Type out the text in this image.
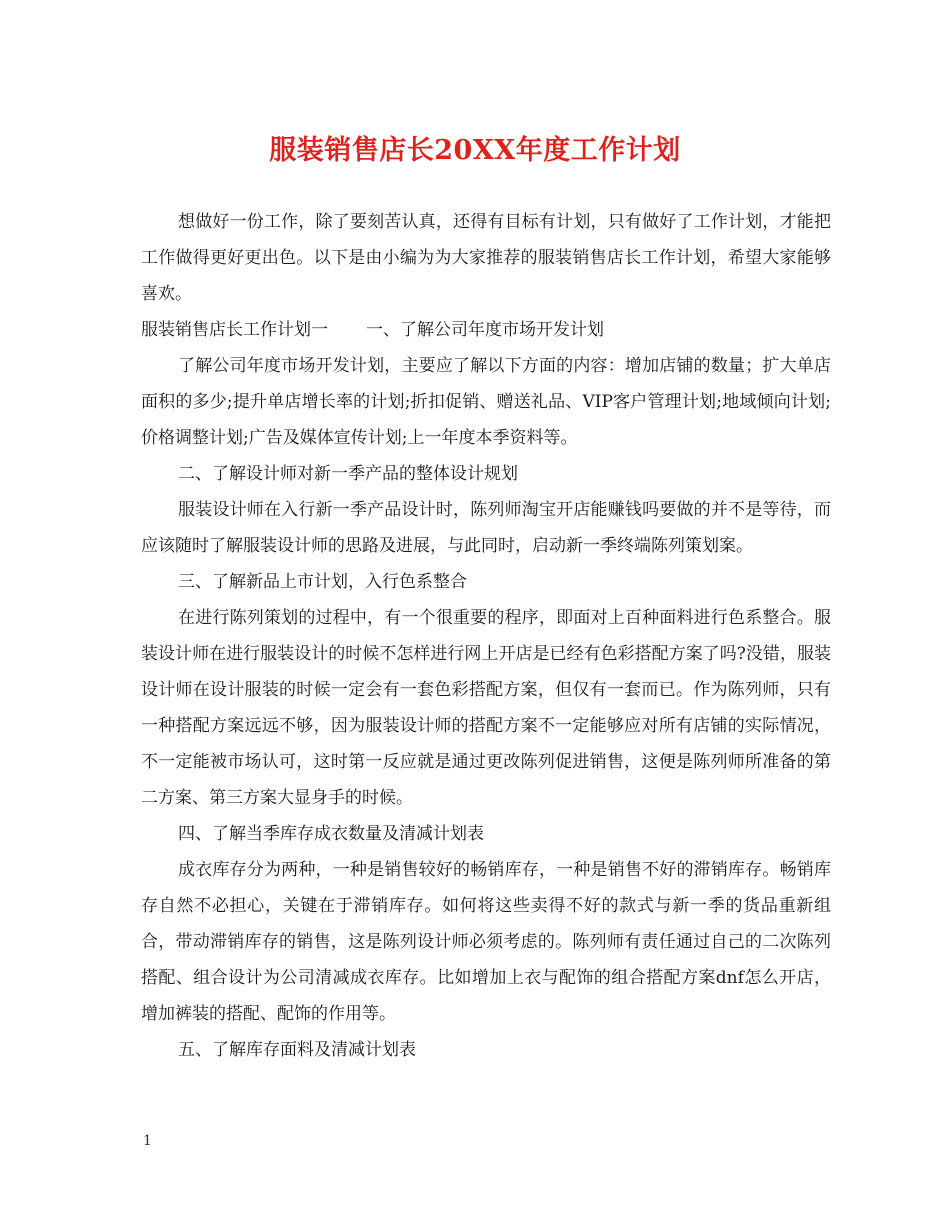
服装销售店长20XX年度工作计划

想做好一份工作，除了要刻苦认真，还得有目标有计划，只有做好了工作计划，才能把工作做得更好更出色。以下是由小编为为大家推荐的服装销售店长工作计划，希望大家能够喜欢。

服装销售店长工作计划一 一、了解公司年度市场开发计划

了解公司年度市场开发计划，主要应了解以下方面的内容：增加店铺的数量；扩大单店面积的多少;提升单店增长率的计划;折扣促销、赠送礼品、VIP客户管理计划;地域倾向计划;价格调整计划;广告及媒体宣传计划;上一年度本季资料等。

二、了解设计师对新一季产品的整体设计规划

服装设计师在入行新一季产品设计时，陈列师淘宝开店能赚钱吗要做的并不是等待，而应该随时了解服装设计师的思路及进展，与此同时，启动新一季终端陈列策划案。

三、了解新品上市计划，入行色系整合

在进行陈列策划的过程中，有一个很重要的程序，即面对上百种面料进行色系整合。服装设计师在进行服装设计的时候不怎样进行网上开店是已经有色彩搭配方案了吗?没错，服装设计师在设计服装的时候一定会有一套色彩搭配方案，但仅有一套而已。作为陈列师，只有一种搭配方案远远不够，因为服装设计师的搭配方案不一定能够应对所有店铺的实际情况，不一定能被市场认可，这时第一反应就是通过更改陈列促进销售，这便是陈列师所准备的第二方案、第三方案大显身手的时候。

四、了解当季库存成衣数量及清减计划表

成衣库存分为两种，一种是销售较好的畅销库存，一种是销售不好的滞销库存。畅销库存自然不必担心，关键在于滞销库存。如何将这些卖得不好的款式与新一季的货品重新组合，带动滞销库存的销售，这是陈列设计师必须考虑的。陈列师有责任通过自己的二次陈列搭配、组合设计为公司清减成衣库存。比如增加上衣与配饰的组合搭配方案dnf怎么开店，增加裤装的搭配、配饰的作用等。

五、了解库存面料及清减计划表

1
